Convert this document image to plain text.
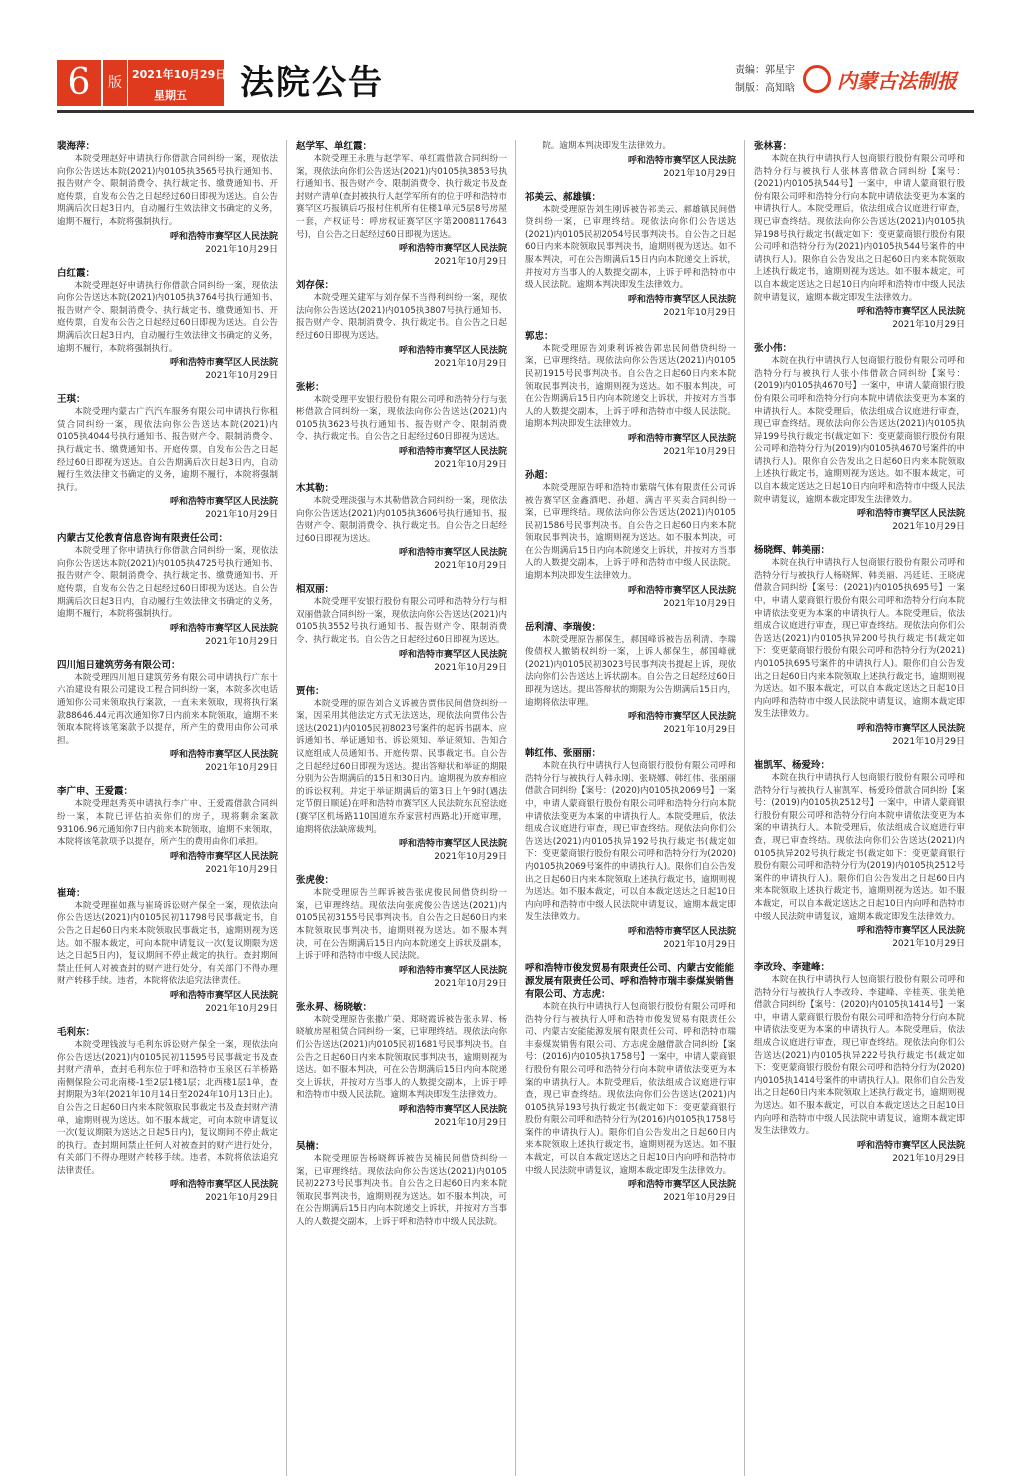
6	版
2021年10月29日
星期五 法院公告	责编：郭星宇
制版：高知晗 内蒙古法制报
裴海萍：
本院受理赵好申请执行你借款合同纠纷一案，现依法向你公告送达本院(2021)内0105执3565号执行通知书、报告财产令、限制消费令、执行裁定书、缴费通知书、开庭传票，自发布公告之日起经过60日即视为送达。自公告期满后次日起3日内，自动履行生效法律文书确定的义务，逾期不履行，本院将强制执行。
呼和浩特市赛罕区人民法院
2021年10月29日
白红霞：
本院受理赵好申请执行你借款合同纠纷一案，现依法向你公告送达本院(2021)内0105执3764号执行通知书、报告财产令、限制消费令、执行裁定书、缴费通知书、开庭传票，自发布公告之日起经过60日即视为送达。自公告期满后次日起3日内，自动履行生效法律文书确定的义务，逾期不履行，本院将强制执行。
呼和浩特市赛罕区人民法院
2021年10月29日
王琪：
本院受理内蒙古广汽汽车服务有限公司申请执行你租赁合同纠纷一案，现依法向你公告送达本院(2021)内0105执4044号执行通知书、报告财产令、限制消费令、执行裁定书、缴费通知书、开庭传票，自发布公告之日起经过60日即视为送达。自公告期满后次日起3日内，自动履行生效法律文书确定的义务，逾期不履行，本院将强制执行。
呼和浩特市赛罕区人民法院
2021年10月29日
内蒙古艾伦教育信息咨询有限责任公司：
本院受理了你申请执行你借款合同纠纷一案，现依法向你公告送达本院(2021)内0105执4725号执行通知书、报告财产令、限制消费令、执行裁定书、缴费通知书、开庭传票，自发布公告之日起经过60日即视为送达。自公告期满后次日起3日内，自动履行生效法律文书确定的义务，逾期不履行，本院将强制执行。
呼和浩特市赛罕区人民法院
2021年10月29日
四川旭日建筑劳务有限公司：
本院受理四川旭日建筑劳务有限公司申请执行广东十六冶建设有限公司建设工程合同纠纷一案，本院多次电话通知你公司来领取执行案款，一直未来领取，现将执行案款88646.44元再次通知你7日内前来本院领取，逾期不来领取本院将该笔案款予以提存，所产生的费用由你公司承担。
呼和浩特市赛罕区人民法院
2021年10月29日
李广申、王爱霞：
本院受理赵秀英申请执行李广申、王爱霞借款合同纠纷一案，本院已评估拍卖你们的房子，现将剩余案款93106.96元通知你7日内前来本院领取，逾期不来领取，本院将该笔款项予以提存，所产生的费用由你们承担。
呼和浩特市赛罕区人民法院
2021年10月29日
崔琦：
本院受理崔如燕与崔琦诉讼财产保全一案，现依法向你公告送达(2021)内0105民初11798号民事裁定书，自公告之日起60日内来本院领取民事裁定书，逾期则视为送达。如不服本裁定，可向本院申请复议一次(复议期限为送达之日起5日内)，复议期间不停止裁定的执行。查封期间禁止任何人对被查封的财产进行处分，有关部门不得办理财产转移手续。违者，本院将依法追究法律责任。
呼和浩特市赛罕区人民法院
2021年10月29日
毛利东：
本院受理钱波与毛利东诉讼财产保全一案，现依法向你公告送达(2021)内0105民初11595号民事裁定书及查封财产清单，查封毛利东位于呼和浩特市玉泉区石羊桥路南侧保险公司北南楼-1至2层1楼1层；北西楼1层1单，查封期限为3年(2021年10月14日至2024年10月13日止)。自公告之日起60日内来本院领取民事裁定书及查封财产清单，逾期则视为送达。如不服本裁定，可向本院申请复议一次(复议期限为送达之日起5日内)，复议期间不停止裁定的执行。查封期间禁止任何人对被查封的财产进行处分，有关部门不得办理财产转移手续。违者，本院将依法追究法律责任。
呼和浩特市赛罕区人民法院
2021年10月29日
赵学军、单红霞：
本院受理王永胜与赵学军、单红霞借款合同纠纷一案，现依法向你们公告送达(2021)内0105执3853号执行通知书、报告财产令、限制消费令、执行裁定书及查封财产清单(查封被执行人赵学军所有的位于呼和浩特市赛罕区巧报镇后巧报村住机所有住楼1单元5层8号房屋一套，产权证号：呼房权证赛罕区字第2008117643号)，自公告之日起经过60日即视为送达。
呼和浩特市赛罕区人民法院
2021年10月29日
刘存保：
本院受理关建军与刘存保不当得利纠纷一案，现依法向你公告送达(2021)内0105执3807号执行通知书、报告财产令、限制消费令、执行裁定书。自公告之日起经过60日即视为送达。
呼和浩特市赛罕区人民法院
2021年10月29日
张彬：
本院受理平安银行股份有限公司呼和浩特分行与张彬借款合同纠纷一案，现依法向你公告送达(2021)内0105执3623号执行通知书、报告财产令、限制消费令、执行裁定书。自公告之日起经过60日即视为送达。
呼和浩特市赛罕区人民法院
2021年10月29日
木其勒：
本院受理淡强与木其勒借款合同纠纷一案，现依法向你公告送达(2021)内0105执3606号执行通知书、报告财产令、限制消费令、执行裁定书。自公告之日起经过60日即视为送达。
呼和浩特市赛罕区人民法院
2021年10月29日
相双丽：
本院受理平安银行股份有限公司呼和浩特分行与相双丽借款合同纠纷一案，现依法向你公告送达(2021)内0105执3552号执行通知书、报告财产令、限制消费令、执行裁定书。自公告之日起经过60日即视为送达。
呼和浩特市赛罕区人民法院
2021年10月29日
贾伟：
本院受理的原告刘合义诉被告贾伟民间借贷纠纷一案，因采用其他法定方式无法送达，现依法向贾伟公告送达(2021)内0105民初8023号案件的起诉书副本、应诉通知书、举证通知书、诉讼须知、举证须知、告知合议庭组成人员通知书、开庭传票、民事裁定书。自公告之日起经过60日即视为送达。提出答辩状和举证的期限分别为公告期满后的15日和30日内。逾期视为放弃相应的诉讼权利。并定于举证期满后的第3日上午9时(遇法定节假日顺延)在呼和浩特市赛罕区人民法院东瓦窑法庭(赛罕区机场路110国道东乔家营村西路北)开庭审理，逾期将依法缺席裁判。
呼和浩特市赛罕区人民法院
2021年10月29日
张虎俊：
本院受理原告兰晖诉被告张虎俊民间借贷纠纷一案，已审理终结。现依法向张虎俊公告送达(2021)内0105民初3155号民事判决书。自公告之日起60日内来本院领取民事判决书，逾期则视为送达。如不服本判决，可在公告期满后15日内向本院递交上诉状及副本，上诉于呼和浩特市中级人民法院。
呼和浩特市赛罕区人民法院
2021年10月29日
张永昇、杨晓敏：
本院受理原告张撒广榮、郑晓霞诉被告张永昇、杨晓敏房屋租赁合同纠纷一案，已审理终结。现依法向你们公告送达(2021)内0105民初1681号民事判决书。自公告之日起60日内来本院领取民事判决书，逾期则视为送达。如不服本判决，可在公告期满后15日内向本院递交上诉状，并按对方当事人的人数提交副本，上诉于呼和浩特市中级人民法院。逾期本判决即发生法律效力。
呼和浩特市赛罕区人民法院
2021年10月29日
吴楠：
本院受理原告杨晓辉诉被告吴楠民间借贷纠纷一案，已审理终结。现依法向你公告送达(2021)内0105民初2273号民事判决书。自公告之日起60日内来本院领取民事判决书，逾期则视为送达。如不服本判决，可在公告期满后15日内向本院递交上诉状，并按对方当事人的人数提交副本，上诉于呼和浩特市中级人民法院。
院。逾期本判决即发生法律效力。
呼和浩特市赛罕区人民法院
2021年10月29日
祁美云、郝雄镇：
本院受理原告刘生刚诉被告祁美云、郝雄镇民间借贷纠纷一案，已审理终结。现依法向你们公告送达(2021)内0105民初2054号民事判决书。自公告之日起60日内来本院领取民事判决书，逾期则视为送达。如不服本判决，可在公告期满后15日内向本院递交上诉状，并按对方当事人的人数提交副本，上诉于呼和浩特市中级人民法院。逾期本判决即发生法律效力。
呼和浩特市赛罕区人民法院
2021年10月29日
郭忠：
本院受理原告刘秉利诉被告郭忠民间借贷纠纷一案，已审理终结。现依法向你公告送达(2021)内0105民初1915号民事判决书。自公告之日起60日内来本院领取民事判决书，逾期则视为送达。如不服本判决，可在公告期满后15日内向本院递交上诉状，并按对方当事人的人数提交副本，上诉于呼和浩特市中级人民法院。逾期本判决即发生法律效力。
呼和浩特市赛罕区人民法院
2021年10月29日
孙超：
本院受理原告呼和浩特市紫瑞气体有限责任公司诉被告赛罕区金鑫酒吧、孙超、满吉平买卖合同纠纷一案，已审理终结。现依法向你公告送达(2021)内0105民初1586号民事判决书。自公告之日起60日内来本院领取民事判决书，逾期则视为送达。如不服本判决，可在公告期满后15日内向本院递交上诉状，并按对方当事人的人数提交副本，上诉于呼和浩特市中级人民法院。逾期本判决即发生法律效力。
呼和浩特市赛罕区人民法院
2021年10月29日
岳利清、李瑞俊：
本院受理原告郝保生，郝国峰诉被告岳利清、李瑞俊债权人撤销权纠纷一案，上诉人郝保生，郝国峰就(2021)内0105民初3023号民事判决书提起上诉，现依法向你们公告送达上诉状副本。自公告之日起经过60日即视为送达。提出答辩状的期限为公告期满后15日内，逾期将依法审理。
呼和浩特市赛罕区人民法院
2021年10月29日
韩红伟、张丽丽：
本院在执行申请执行人包商银行股份有限公司呼和浩特分行与被执行人韩永刚、张晓娜、韩红伟、张丽丽借款合同纠纷【案号：(2020)内0105执2069号】一案中，申请人蒙商银行股份有限公司呼和浩特分行向本院申请依法变更为本案的申请执行人。本院受理后，依法组成合议庭进行审查，现已审查终结。现依法向你们公告送达(2021)内0105执异192号执行裁定书(裁定如下：变更蒙商银行股份有限公司呼和浩特分行为(2020)内0105执2069号案件的申请执行人)。限你们自公告发出之日起60日内来本院领取上述执行裁定书，逾期则视为送达。如不服本裁定，可以自本裁定送达之日起10日内向呼和浩特市中级人民法院申请复议，逾期本裁定即发生法律效力。
呼和浩特市赛罕区人民法院
2021年10月29日
呼和浩特市俊发贸易有限责任公司、内蒙古安能能源发展有限责任公司、呼和浩特市瑞丰泰煤炭销售有限公司、方志虎：
本院在执行申请执行人包商银行股份有限公司呼和浩特分行与被执行人呼和浩特市俊发贸易有限责任公司、内蒙古安能能源发展有限责任公司、呼和浩特市瑞丰泰煤炭销售有限公司、方志虎金融借款合同纠纷【案号：(2016)内0105执1758号】一案中，申请人蒙商银行股份有限公司呼和浩特分行向本院申请依法变更为本案的申请执行人。本院受理后，依法组成合议庭进行审查，现已审查终结。现依法向你们公告送达(2021)内0105执异193号执行裁定书(裁定如下：变更蒙商银行股份有限公司呼和浩特分行为(2016)内0105执1758号案件的申请执行人)。限你们自公告发出之日起60日内来本院领取上述执行裁定书，逾期则视为送达。如不服本裁定，可以自本裁定送达之日起10日内向呼和浩特市中级人民法院申请复议，逾期本裁定即发生法律效力。
呼和浩特市赛罕区人民法院
2021年10月29日
张林喜：
本院在执行申请执行人包商银行股份有限公司呼和浩特分行与被执行人张林喜借款合同纠纷【案号：(2021)内0105执544号】一案中，申请人蒙商银行股份有限公司呼和浩特分行向本院申请依法变更为本案的申请执行人。本院受理后，依法组成合议庭进行审查，现已审查终结。现依法向你公告送达(2021)内0105执异198号执行裁定书(裁定如下：变更蒙商银行股份有限公司呼和浩特分行为(2021)内0105执544号案件的申请执行人)。限你自公告发出之日起60日内来本院领取上述执行裁定书，逾期则视为送达。如不服本裁定，可以自本裁定送达之日起10日内向呼和浩特市中级人民法院申请复议，逾期本裁定即发生法律效力。
呼和浩特市赛罕区人民法院
2021年10月29日
张小伟：
本院在执行申请执行人包商银行股份有限公司呼和浩特分行与被执行人张小伟借款合同纠纷【案号：(2019)内0105执4670号】一案中，申请人蒙商银行股份有限公司呼和浩特分行向本院申请依法变更为本案的申请执行人。本院受理后，依法组成合议庭进行审查，现已审查终结。现依法向你公告送达(2021)内0105执异199号执行裁定书(裁定如下：变更蒙商银行股份有限公司呼和浩特分行为(2019)内0105执4670号案件的申请执行人)。限你自公告发出之日起60日内来本院领取上述执行裁定书，逾期则视为送达。如不服本裁定，可以自本裁定送达之日起10日内向呼和浩特市中级人民法院申请复议，逾期本裁定即发生法律效力。
呼和浩特市赛罕区人民法院
2021年10月29日
杨晓辉、韩美丽：
本院在执行申请执行人包商银行股份有限公司呼和浩特分行与被执行人杨晓辉、韩美丽、冯廷廷、王晓虎借款合同纠纷【案号：(2021)内0105执695号】一案中，申请人蒙商银行股份有限公司呼和浩特分行向本院申请依法变更为本案的申请执行人。本院受理后，依法组成合议庭进行审查，现已审查终结。现依法向你们公告送达(2021)内0105执异200号执行裁定书(裁定如下：变更蒙商银行股份有限公司呼和浩特分行为(2021)内0105执695号案件的申请执行人)。限你们自公告发出之日起60日内来本院领取上述执行裁定书，逾期则视为送达。如不服本裁定，可以自本裁定送达之日起10日内向呼和浩特市中级人民法院申请复议，逾期本裁定即发生法律效力。
呼和浩特市赛罕区人民法院
2021年10月29日
崔凯军、杨爱玲：
本院在执行申请执行人包商银行股份有限公司呼和浩特分行与被执行人崔凯军、杨爱玲借款合同纠纷【案号：(2019)内0105执2512号】一案中，申请人蒙商银行股份有限公司呼和浩特分行向本院申请依法变更为本案的申请执行人。本院受理后，依法组成合议庭进行审查，现已审查终结。现依法向你们公告送达(2021)内0105执异202号执行裁定书(裁定如下：变更蒙商银行股份有限公司呼和浩特分行为(2019)内0105执2512号案件的申请执行人)。限你们自公告发出之日起60日内来本院领取上述执行裁定书，逾期则视为送达。如不服本裁定，可以自本裁定送达之日起10日内向呼和浩特市中级人民法院申请复议，逾期本裁定即发生法律效力。
呼和浩特市赛罕区人民法院
2021年10月29日
李改玲、李建峰：
本院在执行申请执行人包商银行股份有限公司呼和浩特分行与被执行人李改玲、李建峰、辛桂英、张美艳借款合同纠纷【案号：(2020)内0105执1414号】一案中，申请人蒙商银行股份有限公司呼和浩特分行向本院申请依法变更为本案的申请执行人。本院受理后，依法组成合议庭进行审查，现已审查终结。现依法向你们公告送达(2021)内0105执异222号执行裁定书(裁定如下：变更蒙商银行股份有限公司呼和浩特分行为(2020)内0105执1414号案件的申请执行人)。限你们自公告发出之日起60日内来本院领取上述执行裁定书，逾期则视为送达。如不服本裁定，可以自本裁定送达之日起10日内向呼和浩特市中级人民法院申请复议，逾期本裁定即发生法律效力。
呼和浩特市赛罕区人民法院
2021年10月29日
